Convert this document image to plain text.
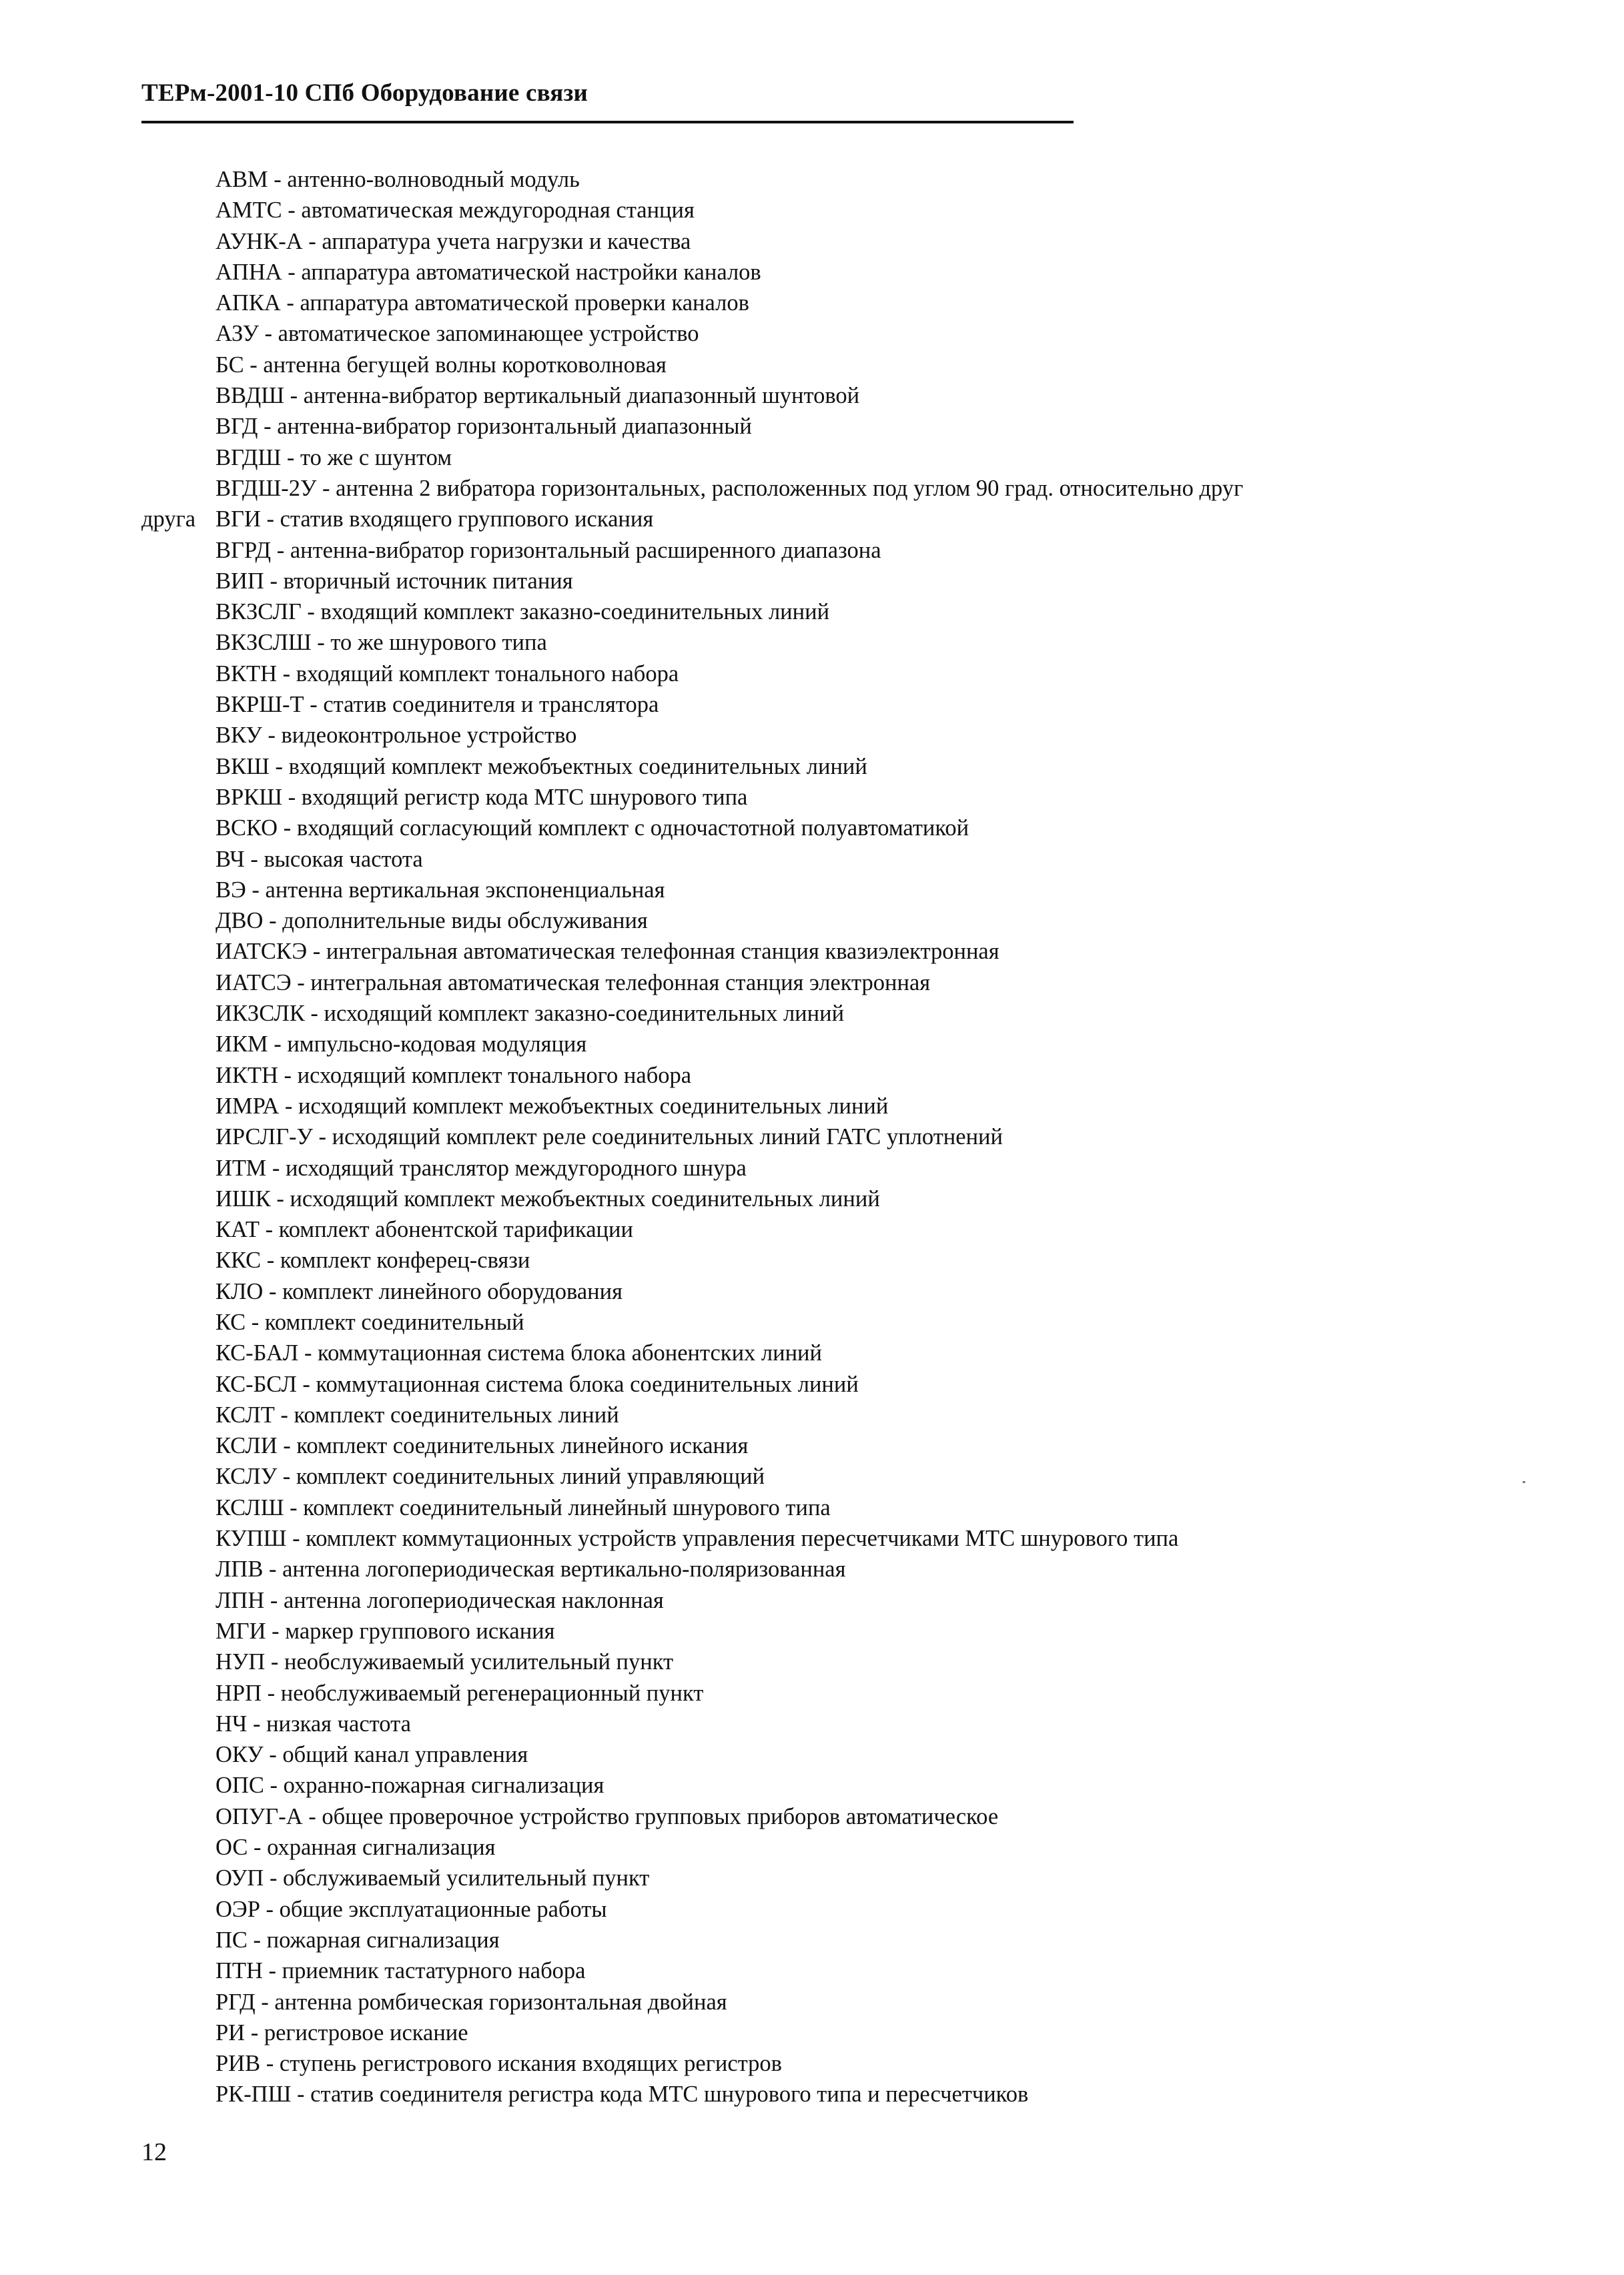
ТЕРм-2001-10 СПб Оборудование связи
АВМ - антенно-волноводный модуль
АМТС - автоматическая междугородная станция
АУНК-А - аппаратура учета нагрузки и качества
АПНА - аппаратура автоматической настройки каналов
АПКА - аппаратура автоматической проверки каналов
АЗУ - автоматическое запоминающее устройство
БС - антенна бегущей волны коротковолновая
ВВДШ - антенна-вибратор вертикальный диапазонный шунтовой
ВГД - антенна-вибратор горизонтальный диапазонный
ВГДШ - то же с шунтом
ВГДШ-2У - антенна 2 вибратора горизонтальных, расположенных под углом 90 град. относительно друг
друга ВГИ - статив входящего группового искания
ВГРД - антенна-вибратор горизонтальный расширенного диапазона
ВИП - вторичный источник питания
ВКЗСЛГ - входящий комплект заказно-соединительных линий
ВКЗСЛШ - то же шнурового типа
ВКТН - входящий комплект тонального набора
ВКРШ-Т - статив соединителя и транслятора
ВКУ - видеоконтрольное устройство
ВКШ - входящий комплект межобъектных соединительных линий
ВРКШ - входящий регистр кода МТС шнурового типа
ВСКО - входящий согласующий комплект с одночастотной полуавтоматикой
ВЧ - высокая частота
ВЭ - антенна вертикальная экспоненциальная
ДВО - дополнительные виды обслуживания
ИАТСКЭ - интегральная автоматическая телефонная станция квазиэлектронная
ИАТСЭ - интегральная автоматическая телефонная станция электронная
ИКЗСЛК - исходящий комплект заказно-соединительных линий
ИКМ - импульсно-кодовая модуляция
ИКТН - исходящий комплект тонального набора
ИМРА - исходящий комплект межобъектных соединительных линий
ИРСЛГ-У - исходящий комплект реле соединительных линий ГАТС уплотнений
ИТМ - исходящий транслятор междугородного шнура
ИШК - исходящий комплект межобъектных соединительных линий
КАТ - комплект абонентской тарификации
ККС - комплект конферец-связи
КЛО - комплект линейного оборудования
КС - комплект соединительный
КС-БАЛ - коммутационная система блока абонентских линий
КС-БСЛ - коммутационная система блока соединительных линий
КСЛТ - комплект соединительных линий
КСЛИ - комплект соединительных линейного искания
КСЛУ - комплект соединительных линий управляющий
КСЛШ - комплект соединительный линейный шнурового типа
КУПШ - комплект коммутационных устройств управления пересчетчиками МТС шнурового типа
ЛПВ - антенна логопериодическая вертикально-поляризованная
ЛПН - антенна логопериодическая наклонная
МГИ - маркер группового искания
НУП - необслуживаемый усилительный пункт
НРП - необслуживаемый регенерационный пункт
НЧ - низкая частота
ОКУ - общий канал управления
ОПС - охранно-пожарная сигнализация
ОПУГ-А - общее проверочное устройство групповых приборов автоматическое
ОС - охранная сигнализация
ОУП - обслуживаемый усилительный пункт
ОЭР - общие эксплуатационные работы
ПС - пожарная сигнализация
ПТН - приемник тастатурного набора
РГД - антенна ромбическая горизонтальная двойная
РИ - регистровое искание
РИВ - ступень регистрового искания входящих регистров
РК-ПШ - статив соединителя регистра кода МТС шнурового типа и пересчетчиков
12
